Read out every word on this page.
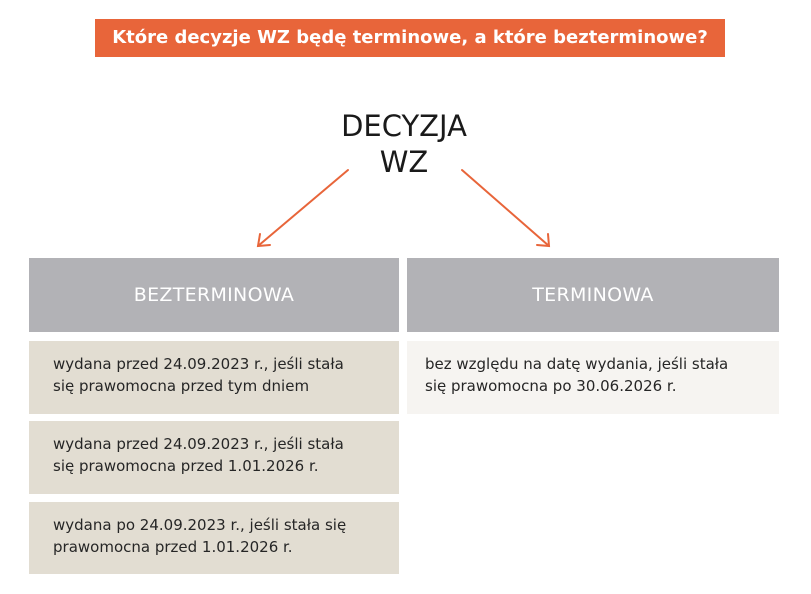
Które decyzje WZ będę terminowe, a które bezterminowe?
DECYZJA
WZ
BEZTERMINOWA	TERMINOWA
wydana przed 24.09.2023 r., jeśli stała
się prawomocna przed tym dniem
wydana przed 24.09.2023 r., jeśli stała
się prawomocna przed 1.01.2026 r.
wydana po 24.09.2023 r., jeśli stała się
prawomocna przed 1.01.2026 r.
bez względu na datę wydania, jeśli stała
się prawomocna po 30.06.2026 r.
